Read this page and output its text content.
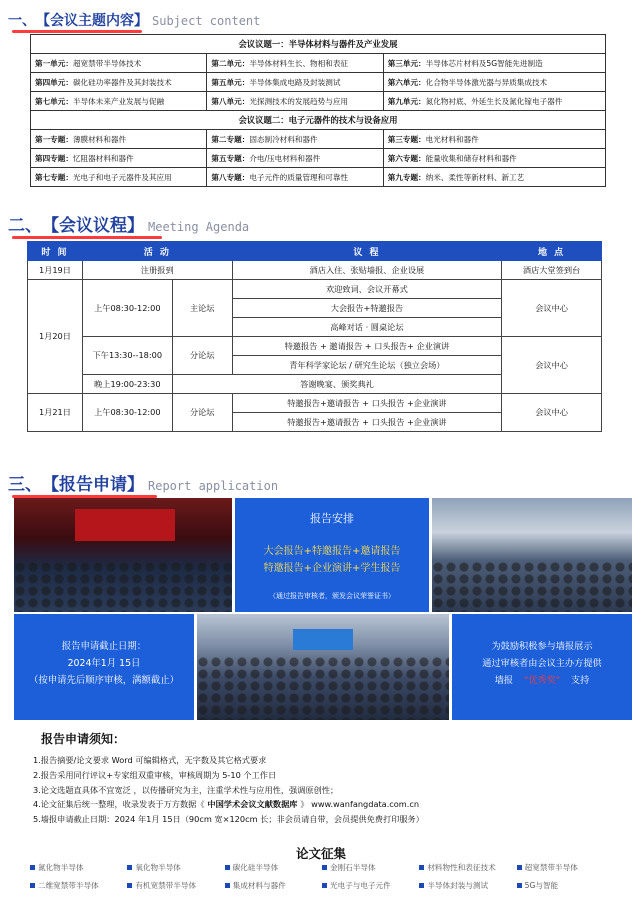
一、 【会议主题内容】 Subject content
会议议题一：半导体材料与器件及产业发展		
第一单元：超宽禁带半导体技术	第二单元：半导体材料生长、物相和表征	第三单元：半导体芯片材料及5G智能先进制造
第四单元：碳化硅功率器件及其封装技术	第五单元：半导体集成电路及封装测试	第六单元：化合物半导体激光器与异质集成技术
第七单元：半导体未来产业发展与促融	第八单元：光探测技术的发展趋势与应用	第九单元：氮化物衬底、外延生长及氮化镓电子器件
会议议题二：电子元器件的技术与设备应用		
第一专题：薄膜材料和器件	第二专题：固态制冷材料和器件	第三专题：电光材料和器件
第四专题：忆阻器材料和器件	第五专题：介电/压电材料和器件	第六专题：能量收集和储存材料和器件
第七专题：光电子和电子元器件及其应用	第八专题：电子元件的质量管理和可靠性	第九专题：纳米、柔性等新材料、新工艺
二、 【会议议程】 Meeting Agenda
时 间	活 动		议 程	地 点
1月19日	注册报到		酒店入住、张贴墙报、企业设展	酒店大堂签到台
1月20日	上午08:30-12:00	主论坛	欢迎致词、会议开幕式	会议中心
			大会报告+特邀报告	
			高峰对话 · 圆桌论坛	
	下午13:30--18:00	分论坛	特邀报告 + 邀请报告 + 口头报告+ 企业演讲	会议中心
			青年科学家论坛 / 研究生论坛（独立会场）	
	晚上19:00-23:30	答谢晚宴、颁奖典礼		
1月21日	上午08:30-12:00	分论坛	特邀报告+邀请报告 + 口头报告 +企业演讲	会议中心
			特邀报告+邀请报告 + 口头报告 +企业演讲	
三、 【报告申请】 Report application
报告安排
大会报告+特邀报告+邀请报告
特邀报告+企业演讲+学生报告
（通过报告审核者，颁发会议荣誉证书）
报告申请截止日期：
2024年1月 15日
（按申请先后顺序审核，满额截止）
为鼓励积极参与墙报展示
通过审核者由会议主办方提供
墙报 "优秀奖" 支持
报告申请须知：
1.报告摘要/论文要求 Word 可编辑格式，无字数及其它格式要求
2.报告采用同行评议+专家组双重审核，审核周期为 5-10 个工作日
3.论文选题直具体不宜宽泛 ，以传播研究为主，注重学术性与应用性，强调原创性；
4.论文征集后统一整理，收录发表于万方数据《 中国学术会议文献数据库 》 www.wanfangdata.com.cn
5.墙报申请截止日期：2024 年1月 15日（90cm 宽×120cm 长；非会员请自带，会员提供免费打印服务）
论文征集
氮化物半导体	氧化物半导体	碳化硅半导体	金刚石半导体	材料物性和表征技术	超宽禁带半导体
二维宽禁带半导体	有机宽禁带半导体	集成材料与器件	光电子与电子元件	半导体封装与测试	5G与智能
